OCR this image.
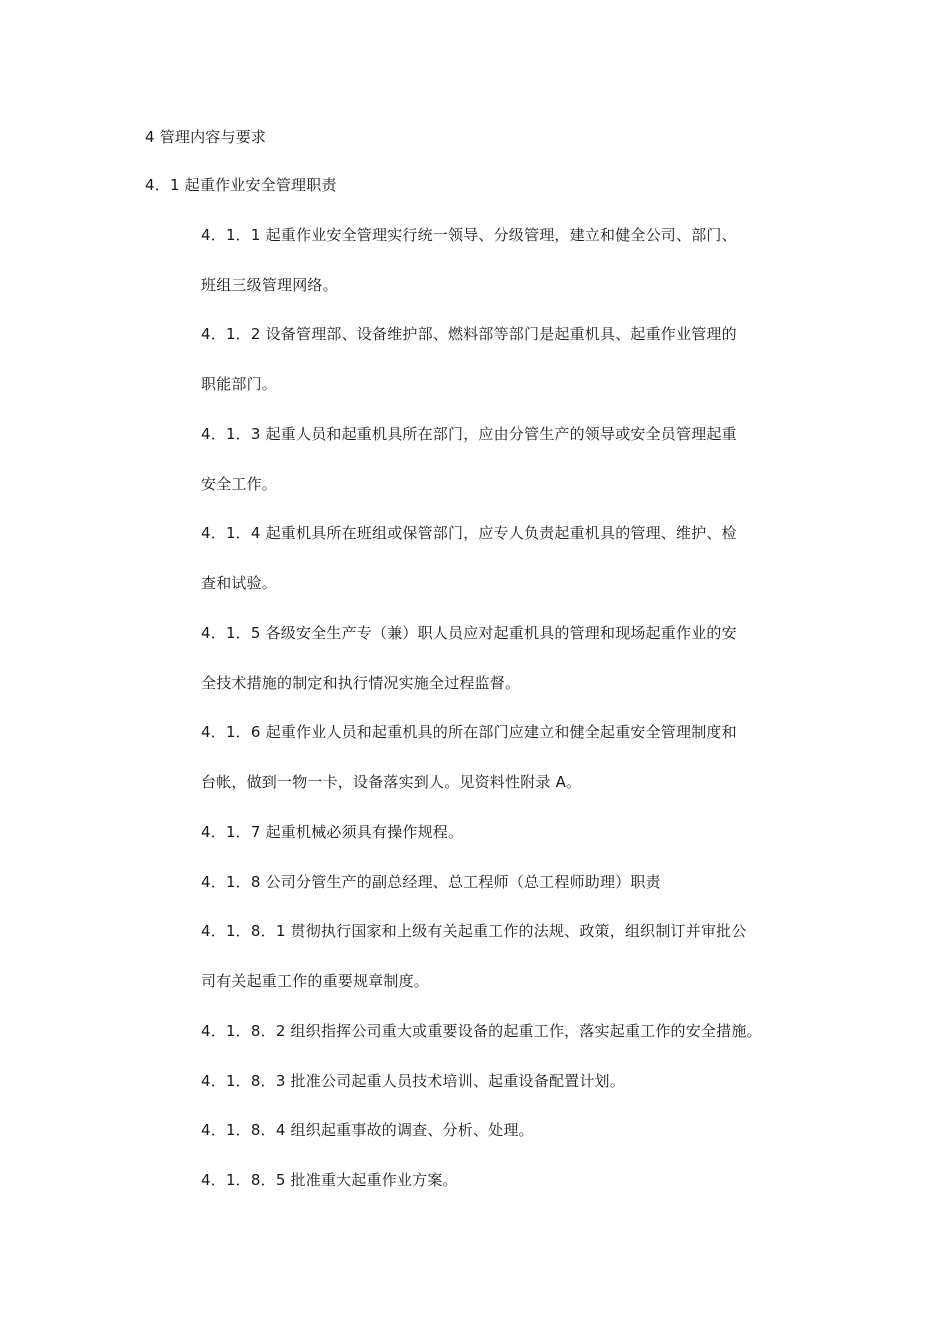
4 管理内容与要求
4．1 起重作业安全管理职责
4．1．1 起重作业安全管理实行统一领导、分级管理，建立和健全公司、部门、
班组三级管理网络。
4．1．2 设备管理部、设备维护部、燃料部等部门是起重机具、起重作业管理的
职能部门。
4．1．3 起重人员和起重机具所在部门，应由分管生产的领导或安全员管理起重
安全工作。
4．1．4 起重机具所在班组或保管部门，应专人负责起重机具的管理、维护、检
查和试验。
4．1．5 各级安全生产专（兼）职人员应对起重机具的管理和现场起重作业的安
全技术措施的制定和执行情况实施全过程监督。
4．1．6 起重作业人员和起重机具的所在部门应建立和健全起重安全管理制度和
台帐，做到一物一卡，设备落实到人。见资料性附录 A。
4．1．7 起重机械必须具有操作规程。
4．1．8 公司分管生产的副总经理、总工程师（总工程师助理）职责
4．1．8．1 贯彻执行国家和上级有关起重工作的法规、政策，组织制订并审批公
司有关起重工作的重要规章制度。
4．1．8．2 组织指挥公司重大或重要设备的起重工作，落实起重工作的安全措施。
4．1．8．3 批准公司起重人员技术培训、起重设备配置计划。
4．1．8．4 组织起重事故的调查、分析、处理。
4．1．8．5 批准重大起重作业方案。
